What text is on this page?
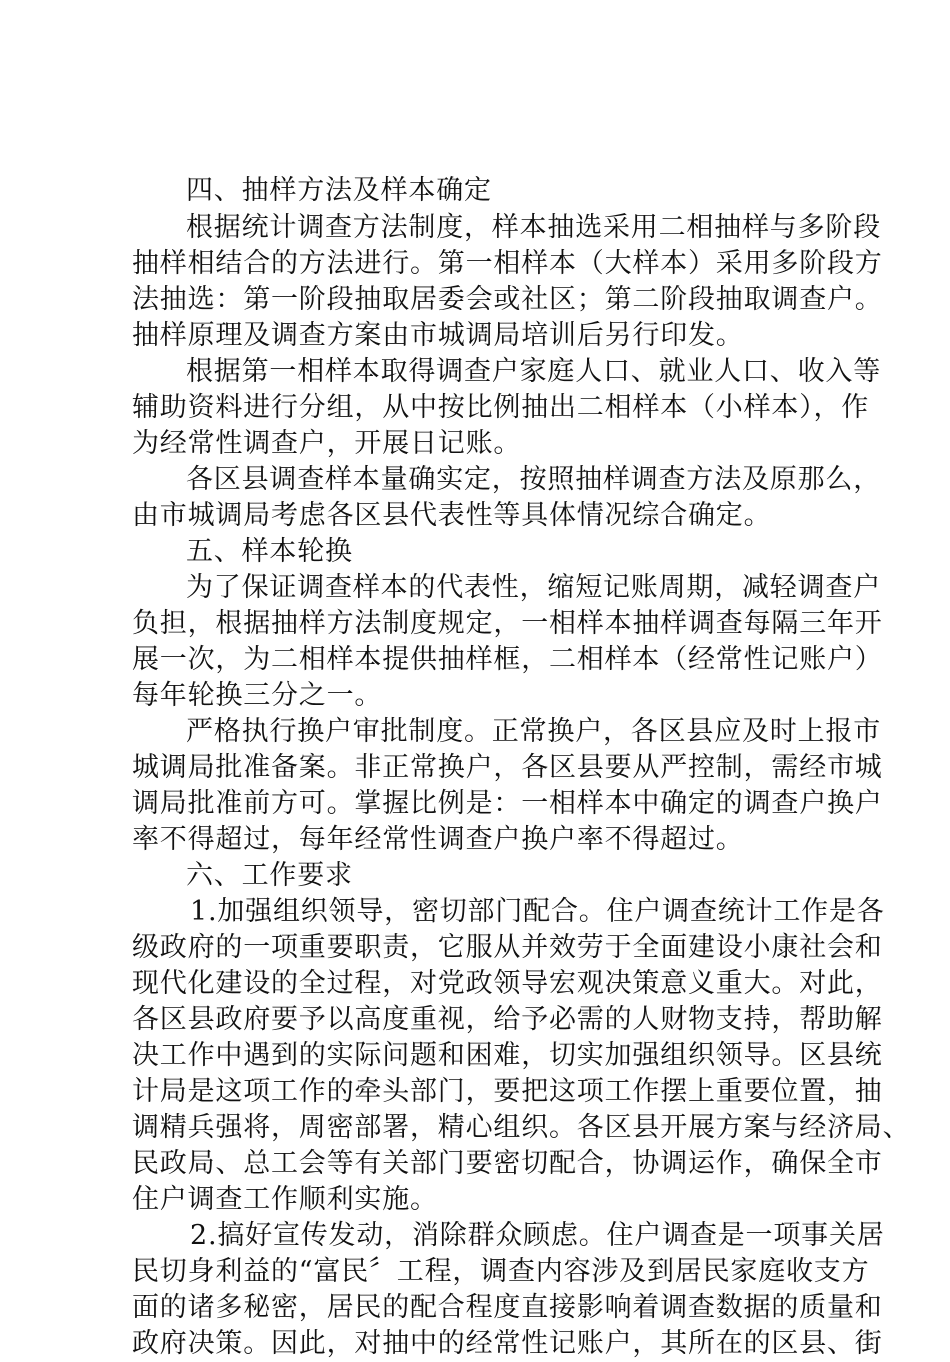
四、抽样方法及样本确定
根据统计调查方法制度，样本抽选采用二相抽样与多阶段
抽样相结合的方法进行。第一相样本（大样本）采用多阶段方
法抽选：第一阶段抽取居委会或社区；第二阶段抽取调查户。
抽样原理及调查方案由市城调局培训后另行印发。
根据第一相样本取得调查户家庭人口、就业人口、收入等
辅助资料进行分组，从中按比例抽出二相样本（小样本），作
为经常性调查户，开展日记账。
各区县调查样本量确实定，按照抽样调查方法及原那么，
由市城调局考虑各区县代表性等具体情况综合确定。
五、样本轮换
为了保证调查样本的代表性，缩短记账周期，减轻调查户
负担，根据抽样方法制度规定，一相样本抽样调查每隔三年开
展一次，为二相样本提供抽样框，二相样本（经常性记账户）
每年轮换三分之一。
严格执行换户审批制度。正常换户，各区县应及时上报市
城调局批准备案。非正常换户，各区县要从严控制，需经市城
调局批准前方可。掌握比例是：一相样本中确定的调查户换户
率不得超过，每年经常性调查户换户率不得超过。
六、工作要求
1.加强组织领导，密切部门配合。住户调查统计工作是各
级政府的一项重要职责，它服从并效劳于全面建设小康社会和
现代化建设的全过程，对党政领导宏观决策意义重大。对此，
各区县政府要予以高度重视，给予必需的人财物支持，帮助解
决工作中遇到的实际问题和困难，切实加强组织领导。区县统
计局是这项工作的牵头部门，要把这项工作摆上重要位置，抽
调精兵强将，周密部署，精心组织。各区县开展方案与经济局、
民政局、总工会等有关部门要密切配合，协调运作，确保全市
住户调查工作顺利实施。
2.搞好宣传发动，消除群众顾虑。住户调查是一项事关居
民切身利益的“富民〞工程，调查内容涉及到居民家庭收支方
面的诸多秘密，居民的配合程度直接影响着调查数据的质量和
政府决策。因此，对抽中的经常性记账户，其所在的区县、街
